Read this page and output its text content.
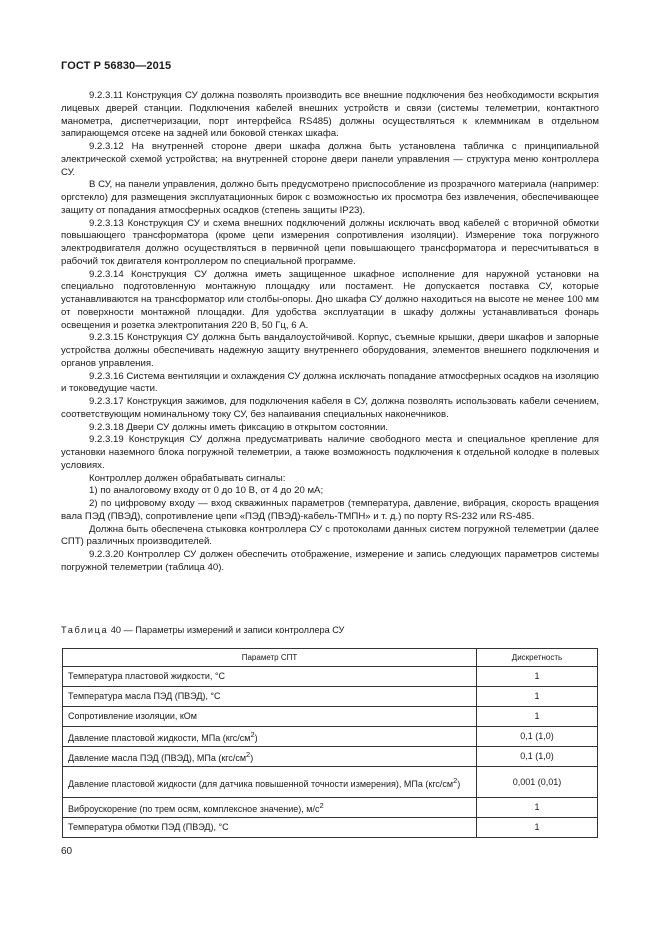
ГОСТ Р 56830—2015

9.2.3.11 Конструкция СУ должна позволять производить все внешние подключения без необходимости вскрытия лицевых дверей станции. Подключения кабелей внешних устройств и связи (системы телеметрии, контактного манометра, диспетчеризации, порт интерфейса RS485) должны осуществляться к клеммникам в отдельном запирающемся отсеке на задней или боковой стенках шкафа.

9.2.3.12 На внутренней стороне двери шкафа должна быть установлена табличка с принципиальной электрической схемой устройства; на внутренней стороне двери панели управления — структура меню контроллера СУ.

В СУ, на панели управления, должно быть предусмотрено приспособление из прозрачного материала (например: оргстекло) для размещения эксплуатационных бирок с возможностью их просмотра без извлечения, обеспечивающее защиту от попадания атмосферных осадков (степень защиты IP23).

9.2.3.13 Конструкция СУ и схема внешних подключений должны исключать ввод кабелей с вторичной обмотки повышающего трансформатора (кроме цепи измерения сопротивления изоляции). Измерение тока погружного электродвигателя должно осуществляться в первичной цепи повышающего трансформатора и пересчитываться в рабочий ток двигателя контроллером по специальной программе.

9.2.3.14 Конструкция СУ должна иметь защищенное шкафное исполнение для наружной установки на специально подготовленную монтажную площадку или постамент. Не допускается поставка СУ, которые устанавливаются на трансформатор или столбы-опоры. Дно шкафа СУ должно находиться на высоте не менее 100 мм от поверхности монтажной площадки. Для удобства эксплуатации в шкафу должны устанавливаться фонарь освещения и розетка электропитания 220 В, 50 Гц, 6 А.

9.2.3.15 Конструкция СУ должна быть вандалоустойчивой. Корпус, съемные крышки, двери шкафов и запорные устройства должны обеспечивать надежную защиту внутреннего оборудования, элементов внешнего подключения и органов управления.

9.2.3.16 Система вентиляции и охлаждения СУ должна исключать попадание атмосферных осадков на изоляцию и токоведущие части.

9.2.3.17 Конструкция зажимов, для подключения кабеля в СУ, должна позволять использовать кабели сечением, соответствующим номинальному току СУ, без напаивания специальных наконечников.

9.2.3.18 Двери СУ должны иметь фиксацию в открытом состоянии.

9.2.3.19 Конструкция СУ должна предусматривать наличие свободного места и специальное крепление для установки наземного блока погружной телеметрии, а также возможность подключения к отдельной колодке в полевых условиях.

Контроллер должен обрабатывать сигналы:

1) по аналоговому входу от 0 до 10 В, от 4 до 20 мА;

2) по цифровому входу — вход скважинных параметров (температура, давление, вибрация, скорость вращения вала ПЭД (ПВЭД), сопротивление цепи «ПЭД (ПВЭД)-кабель-ТМПН» и т. д.) по порту RS-232 или RS-485.

Должна быть обеспечена стыковка контроллера СУ с протоколами данных систем погружной телеметрии (далее СПТ) различных производителей.

9.2.3.20 Контроллер СУ должен обеспечить отображение, измерение и запись следующих параметров системы погружной телеметрии (таблица 40).

Таблица 40 — Параметры измерений и записи контроллера СУ
Параметр СПТ	Дискретность
Температура пластовой жидкости, °С	1
Температура масла ПЭД (ПВЭД), °С	1
Сопротивление изоляции, кОм	1
Давление пластовой жидкости, МПа $(кгс/см^2)$	0,1 (1,0)
Давление масла ПЭД (ПВЭД), МПа $(кгс/см^2)$	0,1 (1,0)
Давление пластовой жидкости (для датчика повышенной точности измерения), МПа $(кгс/см^2)$	0,001 (0,01)
Виброускорение (по трем осям, комплексное значение), $м/с^2$	1
Температура обмотки ПЭД (ПВЭД), °С	1
60
